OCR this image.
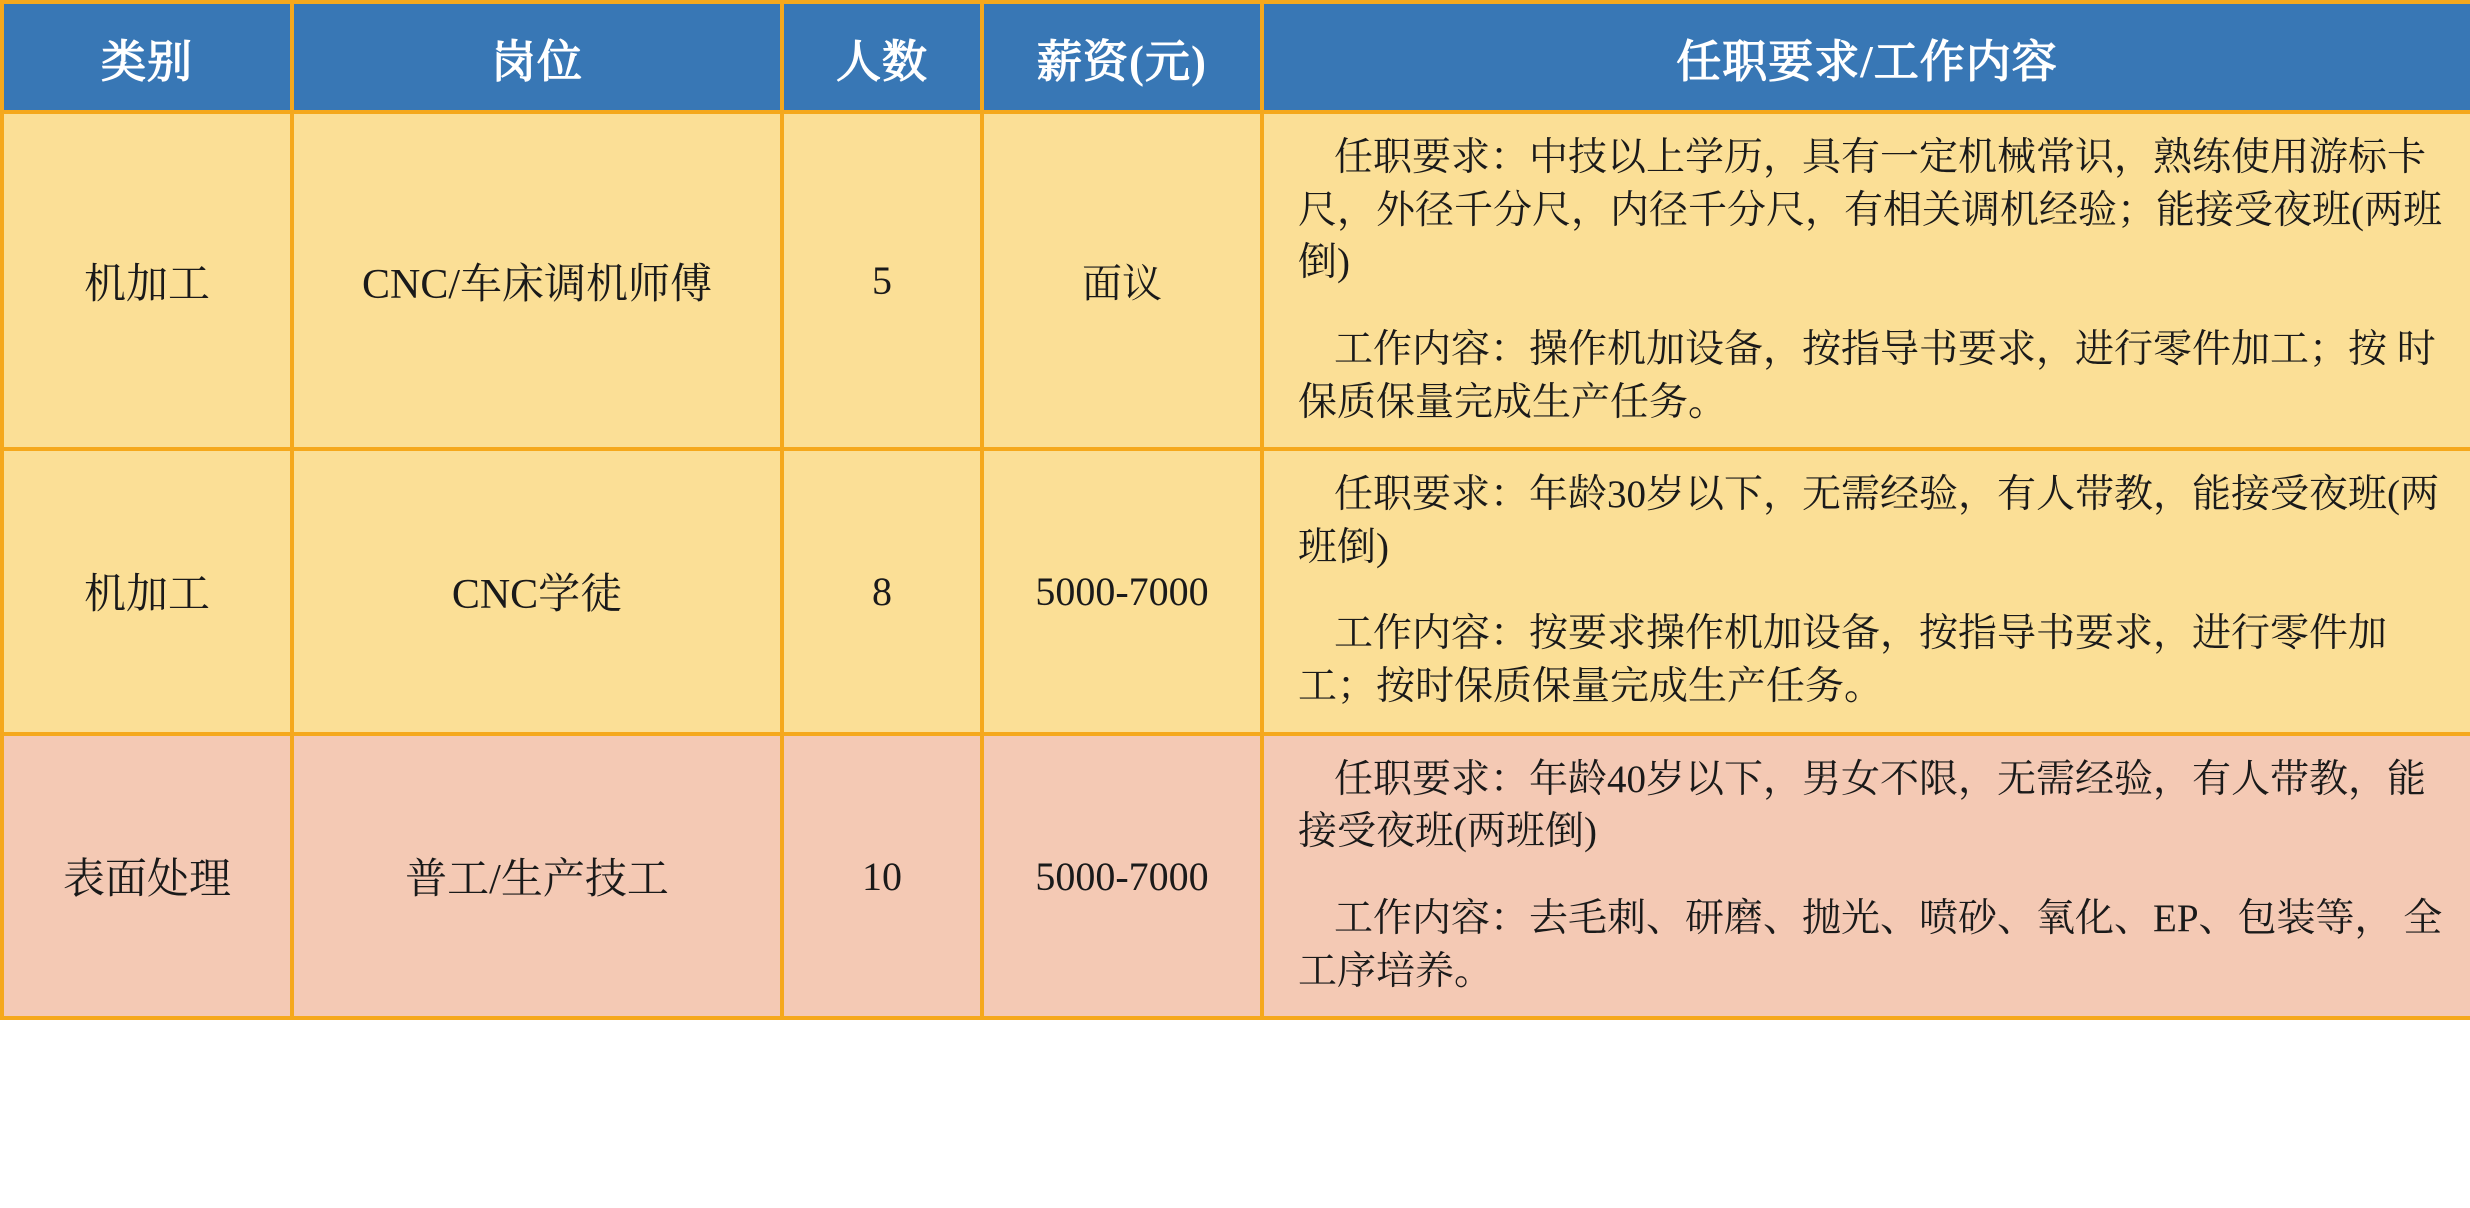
类别	岗位	人数	薪资(元)	任职要求/工作内容
机加工	CNC/车床调机师傅	5	面议	任职要求：中技以上学历，具有一定机械常识，熟练使用游标卡尺，外径千分尺，内径千分尺，有相关调机经验；能接受夜班(两班倒)

工作内容：操作机加设备，按指导书要求，进行零件加工；按 时保质保量完成生产任务。

机加工	CNC学徒	8	5000-7000	任职要求：年龄30岁以下，无需经验，有人带教，能接受夜班(两班倒)

工作内容：按要求操作机加设备，按指导书要求，进行零件加 工；按时保质保量完成生产任务。

表面处理	普工/生产技工	10	5000-7000	任职要求：年龄40岁以下，男女不限，无需经验，有人带教，能接受夜班(两班倒)

工作内容：去毛刺、研磨、抛光、喷砂、氧化、EP、包装等， 全工序培养。
